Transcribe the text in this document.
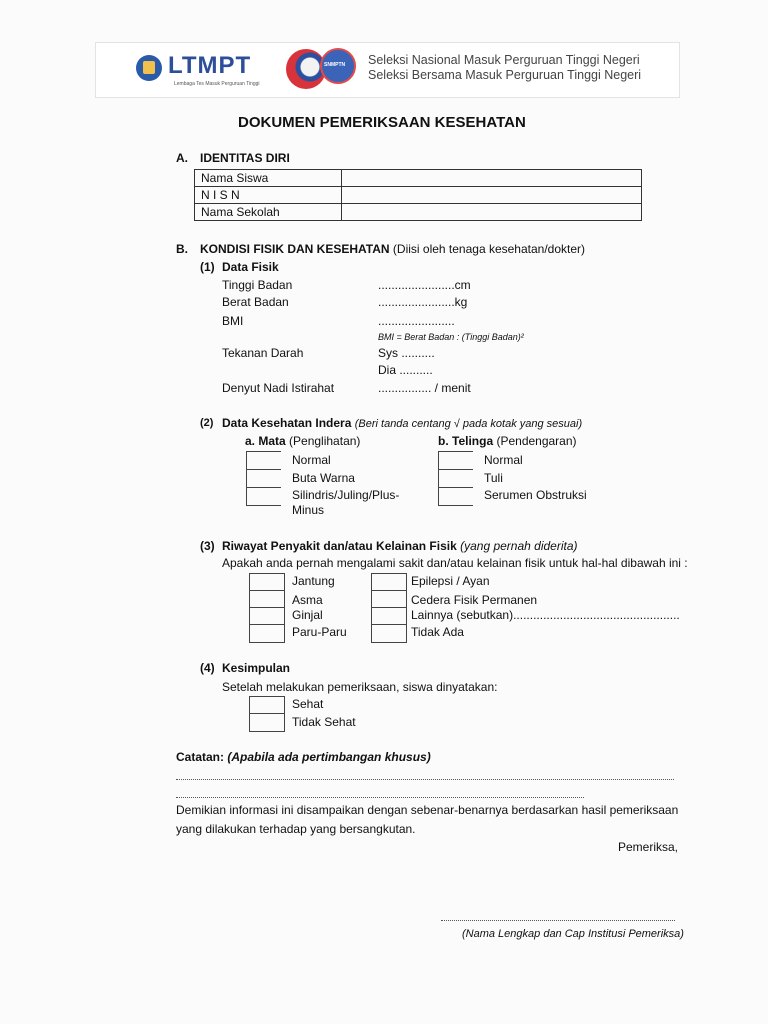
LTMPT
Lembaga Tes Masuk Perguruan Tinggi
SNMPTN Seleksi Nasional Masuk Perguruan Tinggi Negeri
Seleksi Bersama Masuk Perguruan Tinggi Negeri
DOKUMEN PEMERIKSAAN KESEHATAN
A. IDENTITAS DIRI
Nama Siswa	
N I S N	
Nama Sekolah	
B. KONDISI FISIK DAN KESEHATAN (Diisi oleh tenaga kesehatan/dokter)
(1) Data Fisik
Tinggi Badan	.......................cm
Berat Badan	.......................kg
BMI	.......................
BMI = Berat Badan : (Tinggi Badan)²
Tekanan Darah	Sys ..........
Dia ..........
Denyut Nadi Istirahat	................ / menit
(2) Data Kesehatan Indera (Beri tanda centang √ pada kotak yang sesuai)
a. Mata (Penglihatan)	b. Telinga (Pendengaran)
Normal
Buta Warna
Silindris/Juling/Plus-
Minus
Normal
Tuli
Serumen Obstruksi
(3) Riwayat Penyakit dan/atau Kelainan Fisik (yang pernah diderita)
Apakah anda pernah mengalami sakit dan/atau kelainan fisik untuk hal-hal dibawah ini :
Jantung
Asma
Ginjal
Paru-Paru
Epilepsi / Ayan
Cedera Fisik Permanen
Lainnya (sebutkan)..................................................
Tidak Ada
(4) Kesimpulan
Setelah melakukan pemeriksaan, siswa dinyatakan:
Sehat
Tidak Sehat
Catatan: (Apabila ada pertimbangan khusus)
Demikian informasi ini disampaikan dengan sebenar-benarnya berdasarkan hasil pemeriksaan
yang dilakukan terhadap yang bersangkutan.
Pemeriksa,
(Nama Lengkap dan Cap Institusi Pemeriksa)
